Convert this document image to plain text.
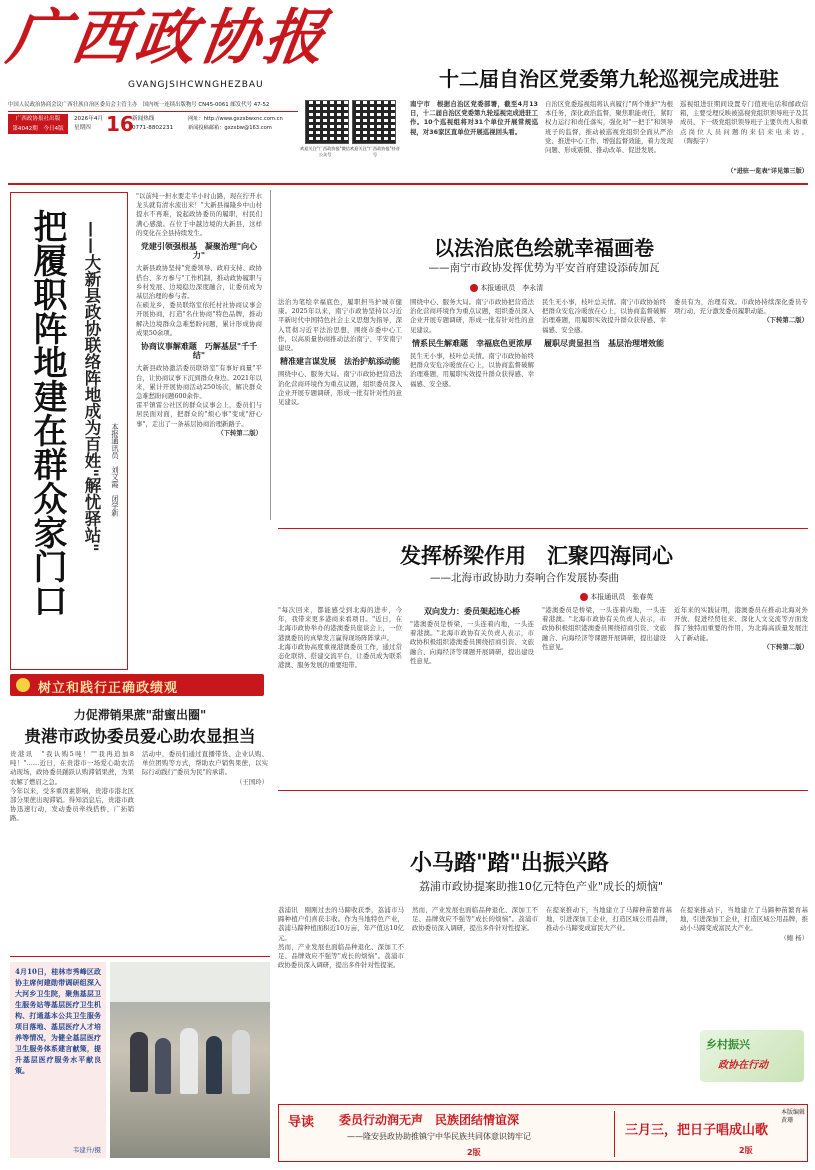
广西政协报
GVANGJSIHCWNGHEZBAU
中国人民政治协商会议广西壮族自治区委员会主管主办　国内统一连续出版物号 CN45-0061 邮发代号 47-52
广西政协报社出版
第4042期　今日4版
2026年4月
星期四 16
新闻热线
0771-8802231
网址：http://www.gxzxbwxnc.com.cn
新闻投稿邮箱：gxzxbw@163.com
欢迎关注"广西政协报"微信公众号
欢迎关注"广西政协报"抖音号
十二届自治区党委第九轮巡视完成进驻
南宁市　根据自治区党委部署，截至4月13日，十二届自治区党委第九轮巡视完成进驻工作。10个巡视组将对31个单位开展常规巡视，对36家区直单位开展巡视回头看。
自治区党委巡视组将认真履行"两个维护"为根本任务，深化政治监督，聚焦职能责任，紧盯权力运行和责任落实，强化对"一把手"和领导班子的监督，推动被巡视党组织全面从严治党、推进中心工作、增强监督效能，着力发现问题、形成震慑、推动改革、促进发展。
巡视组进驻期间设置专门值班电话和邮政信箱，主要受理反映被巡视党组织领导班子及其成员、下一级党组织领导班子主要负责人和重点岗位人员问题的来信来电来访。 （陶振宇）
（"进驻一览表"详见第三版）
把履职阵地建在群众家门口 ——大新县政协联络阵地成为百姓"解忧驿站"	本报通讯员　刘文霞　闭学新

"以前纯一担水要走半小时山路，现在拧开水龙头就有清水流出来！"大新县福隆乡中山村提水不再难，说起政协委员的履职，村民们满心感激。在位于中越边境的大新县，这样的变化在全县持续发生。

党建引领强根基　凝聚治理"向心力"

大新县政协坚持"党委领导、政府支持、政协搭台、多方参与"工作机制，推动政协履职与乡村发展、边境稳边深度融合，让委员成为基层治理的参与者。

在硕龙乡，委员联络室依托村社协商议事会开展协商，打造"名仕协商"特色品牌，推动解决边境群众急难愁盼问题，累计形成协商成果50余项。

协商议事解难题　巧解基层"千千结"

大新县政协激活委员联络室"有事好商量"平台，让协商议事下沉到群众身边。2021年以来，累计开展协商活动250场次，解决群众急难愁盼问题600余件。

雷平镇雷公社区的群众议事会上，委员们与居民面对面，把群众的"烦心事"变成"舒心事"，走出了一条基层协商治理新路子。

（下转第二版）

树立和践行正确政绩观
以法治底色绘就幸福画卷
——南宁市政协发挥优势为平安首府建设添砖加瓦
本报通讯员　李永清

法治为笔绘幸福底色，履职担当护城市健康。2025年以来，南宁市政协坚持以习近平新时代中国特色社会主义思想为指导，深入贯彻习近平法治思想，围绕市委中心工作，以高质量协商推动法治南宁、平安南宁建设。

精准建言谋发展　法治护航添动能

围绕中心、服务大局。南宁市政协把营造法治化营商环境作为重点议题，组织委员深入企业开展专题调研，形成一批有针对性的意见建议。

围绕中心、服务大局。南宁市政协把营造法治化营商环境作为重点议题，组织委员深入企业开展专题调研，形成一批有针对性的意见建议。

情系民生解难题　幸福底色更浓厚

民生无小事，枝叶总关情。南宁市政协始终把群众安危冷暖放在心上，以协商监督破解治理难题，用履职实效提升群众获得感、幸福感、安全感。

民生无小事，枝叶总关情。南宁市政协始终把群众安危冷暖放在心上，以协商监督破解治理难题，用履职实效提升群众获得感、幸福感、安全感。

履职尽责显担当　基层治理增效能

委员有为，治理有效。市政协持续深化委员专项行动，充分激发委员履职动能。

（下转第二版）

发挥桥梁作用　汇聚四海同心
——北海市政协助力奏响合作发展协奏曲
本报通讯员　张春英

"每次回来，都能感受到北海的进步，今年，我带来更多港商来看项目。"近日，在北海市政协举办的港澳委员座谈会上，一位港澳委员的真挚发言赢得现场阵阵掌声。

北海市政协高度重视港澳委员工作，通过常态化联络、搭建交流平台，让委员成为联系港澳、服务发展的重要纽带。

双向发力：委员架起连心桥

"港澳委员是桥梁，一头连着内地，一头连着港澳。"北海市政协有关负责人表示，市政协积极组织港澳委员围绕招商引资、文旅融合、向海经济等课题开展调研，提出建设性意见。

"港澳委员是桥梁，一头连着内地，一头连着港澳。"北海市政协有关负责人表示，市政协积极组织港澳委员围绕招商引资、文旅融合、向海经济等课题开展调研，提出建设性意见。

近年来的实践证明，港澳委员在推动北海对外开放、促进经贸往来、深化人文交流等方面发挥了独特而重要的作用，为北海高质量发展注入了新动能。

（下转第二版）

力促滞销果蔗"甜蜜出圈"
贵港市政协委员爱心助农显担当

贵港讯　"我认购5吨！""我再追加8吨！"……近日，在贵港市一场爱心助农活动现场，政协委员踊跃认购滞销果蔗，为果农解了燃眉之急。

今年以来，受多重因素影响，贵港市港北区部分果蔗出现滞销。得知消息后，贵港市政协迅速行动，发动委员牵线搭桥，广拓销路。

活动中，委员们通过直播带货、企业认购、单位团购等方式，帮助农户销售果蔗，以实际行动践行"委员为民"的承诺。

（王国玲）

4月10日，桂林市秀峰区政协主席何建勋带调研组深入大河乡卫生院，聚焦基层卫生服务站等基层医疗卫生机构、打通基本公共卫生服务项目落地、基层医疗人才培养等情况，为健全基层医疗卫生服务体系建言献策，提升基层医疗服务水平献良策。
韦建升/摄
小马踏"踏"出振兴路
荔浦市政协提案助推10亿元特色产业"成长的烦恼"

荔浦讯　刚刚过去的马蹄收获季，荔浦市马蹄种植户们喜获丰收。作为当地特色产业，荔浦马蹄种植面积近10万亩，年产值达10亿元。

然而，产业发展也面临品种退化、深加工不足、品牌效应不强等"成长的烦恼"。荔浦市政协委员深入调研，提出多件针对性提案。

然而，产业发展也面临品种退化、深加工不足、品牌效应不强等"成长的烦恼"。荔浦市政协委员深入调研，提出多件针对性提案。

在提案推动下，当地建立了马蹄种苗繁育基地，引进深加工企业，打造区域公用品牌，推动小马蹄变成富民大产业。

在提案推动下，当地建立了马蹄种苗繁育基地，引进深加工企业，打造区域公用品牌，推动小马蹄变成富民大产业。

（鲍 杨）

乡村振兴
政协在行动
导读 委员行动润无声　民族团结情谊深
——隆安县政协助推镇宁中华民族共同体意识铸牢记
2版
三月三，把日子唱成山歌
2版
本版编辑　黄珊
